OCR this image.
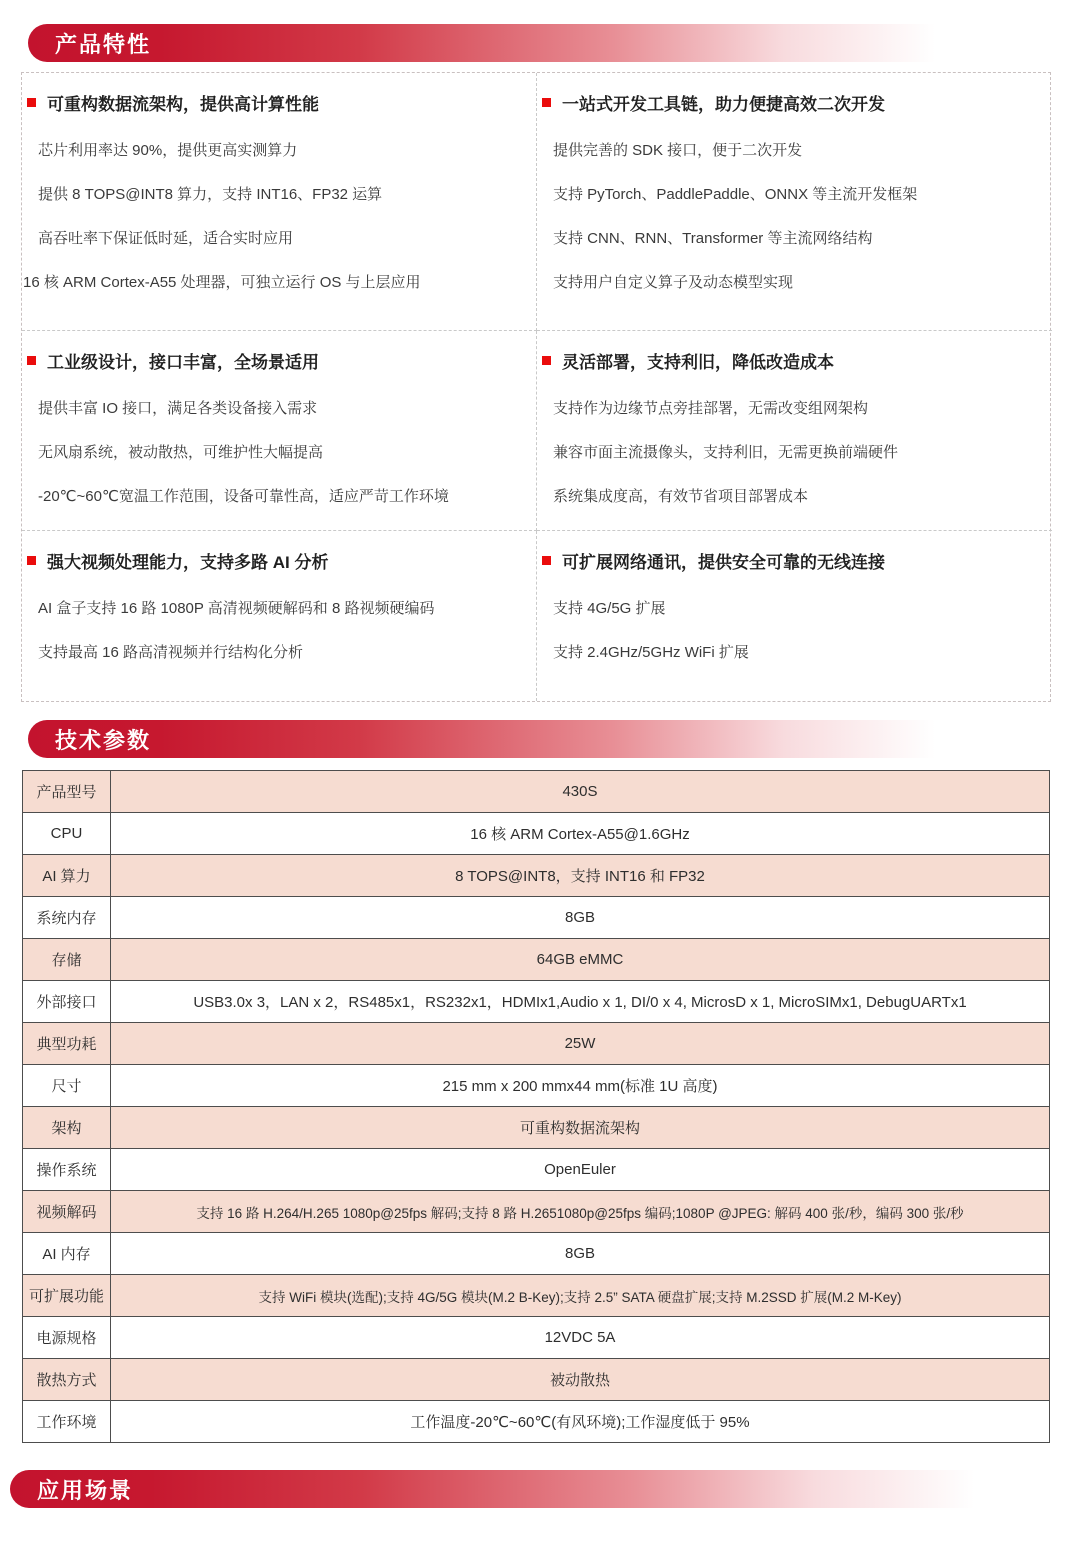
产品特性
可重构数据流架构，提供高计算性能
芯片利用率达 90%，提供更高实测算力
提供 8 TOPS@INT8 算力，支持 INT16、FP32 运算
高吞吐率下保证低时延，适合实时应用
16 核 ARM Cortex-A55 处理器，可独立运行 OS 与上层应用
一站式开发工具链，助力便捷高效二次开发
提供完善的 SDK 接口，便于二次开发
支持 PyTorch、PaddlePaddle、ONNX 等主流开发框架
支持 CNN、RNN、Transformer 等主流网络结构
支持用户自定义算子及动态模型实现
工业级设计，接口丰富，全场景适用
提供丰富 IO 接口，满足各类设备接入需求
无风扇系统，被动散热，可维护性大幅提高
-20℃~60℃宽温工作范围，设备可靠性高，适应严苛工作环境
灵活部署，支持利旧，降低改造成本
支持作为边缘节点旁挂部署，无需改变组网架构
兼容市面主流摄像头，支持利旧，无需更换前端硬件
系统集成度高，有效节省项目部署成本
强大视频处理能力，支持多路 AI 分析
AI 盒子支持 16 路 1080P 高清视频硬解码和 8 路视频硬编码
支持最高 16 路高清视频并行结构化分析
可扩展网络通讯，提供安全可靠的无线连接
支持 4G/5G 扩展
支持 2.4GHz/5GHz WiFi 扩展
技术参数
产品型号	430S
CPU	16 核 ARM Cortex-A55@1.6GHz
AI 算力	8 TOPS@INT8，支持 INT16 和 FP32
系统内存	8GB
存储	64GB eMMC
外部接口	USB3.0x 3，LAN x 2，RS485x1，RS232x1，HDMIx1,Audio x 1, DI/0 x 4, MicrosD x 1, MicroSIMx1, DebugUARTx1
典型功耗	25W
尺寸	215 mm x 200 mmx44 mm(标准 1U 高度)
架构	可重构数据流架构
操作系统	OpenEuler
视频解码	支持 16 路 H.264/H.265 1080p@25fps 解码;支持 8 路 H.2651080p@25fps 编码;1080P @JPEG: 解码 400 张/秒，编码 300 张/秒
AI 内存	8GB
可扩展功能	支持 WiFi 模块(选配);支持 4G/5G 模块(M.2 B-Key);支持 2.5” SATA 硬盘扩展;支持 M.2SSD 扩展(M.2 M-Key)
电源规格	12VDC 5A
散热方式	被动散热
工作环境	工作温度-20℃~60℃(有风环境);工作湿度低于 95%
应用场景
